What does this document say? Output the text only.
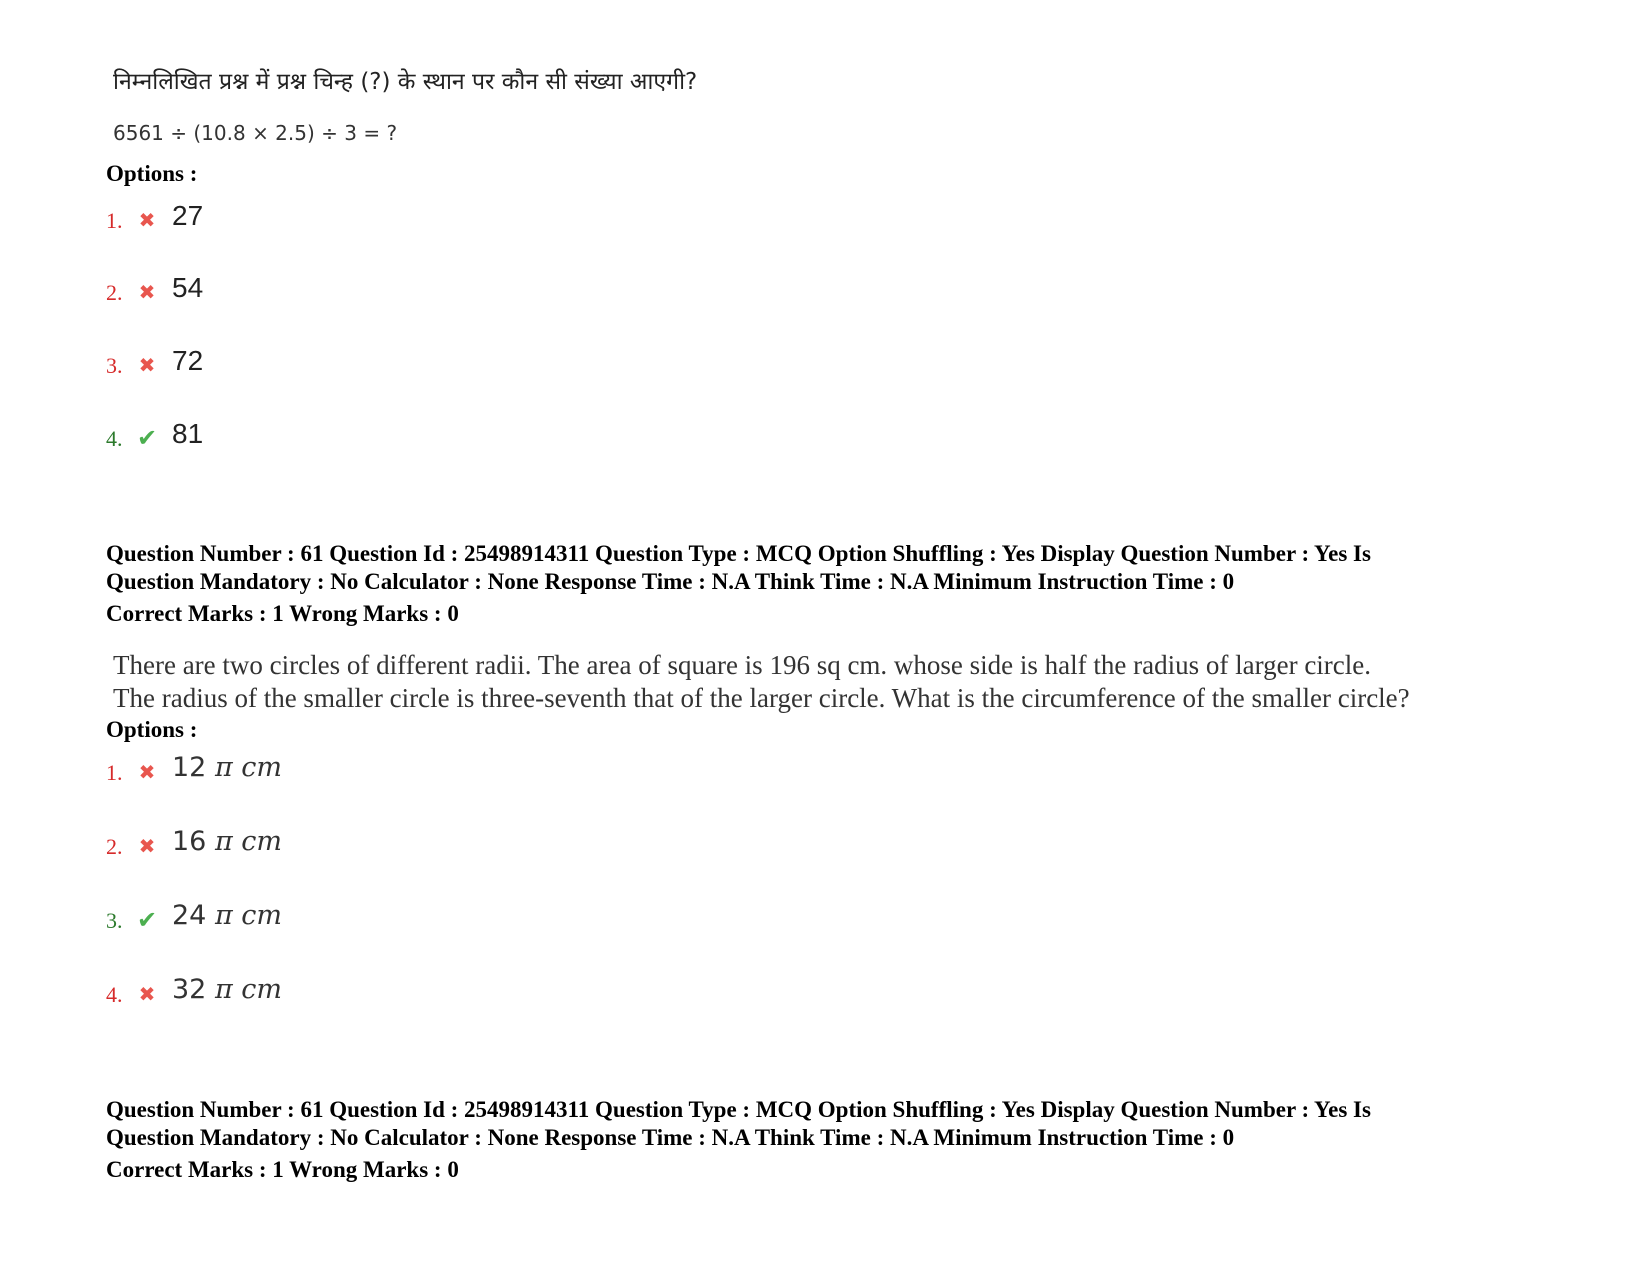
निम्नलिखित प्रश्न में प्रश्न चिन्ह (?) के स्थान पर कौन सी संख्या आएगी?
6561 ÷ (10.8 × 2.5) ÷ 3 = ?
Options :
1. ✖ 27
2. ✖ 54
3. ✖ 72
4. ✔ 81
Question Number : 61 Question Id : 25498914311 Question Type : MCQ Option Shuffling : Yes Display Question Number : Yes Is
Question Mandatory : No Calculator : None Response Time : N.A Think Time : N.A Minimum Instruction Time : 0
Correct Marks : 1 Wrong Marks : 0
There are two circles of different radii. The area of square is 196 sq cm. whose side is half the radius of larger circle.
The radius of the smaller circle is three-seventh that of the larger circle. What is the circumference of the smaller circle?
Options :
1. ✖ 12 π cm
2. ✖ 16 π cm
3. ✔ 24 π cm
4. ✖ 32 π cm
Question Number : 61 Question Id : 25498914311 Question Type : MCQ Option Shuffling : Yes Display Question Number : Yes Is
Question Mandatory : No Calculator : None Response Time : N.A Think Time : N.A Minimum Instruction Time : 0
Correct Marks : 1 Wrong Marks : 0
